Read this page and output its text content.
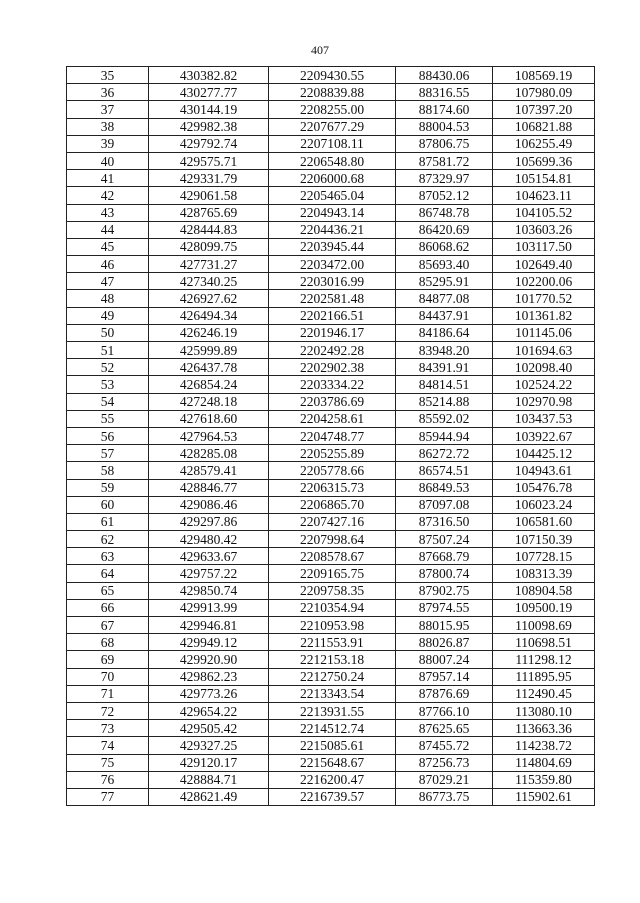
407
35	430382.82	2209430.55	88430.06	108569.19
36	430277.77	2208839.88	88316.55	107980.09
37	430144.19	2208255.00	88174.60	107397.20
38	429982.38	2207677.29	88004.53	106821.88
39	429792.74	2207108.11	87806.75	106255.49
40	429575.71	2206548.80	87581.72	105699.36
41	429331.79	2206000.68	87329.97	105154.81
42	429061.58	2205465.04	87052.12	104623.11
43	428765.69	2204943.14	86748.78	104105.52
44	428444.83	2204436.21	86420.69	103603.26
45	428099.75	2203945.44	86068.62	103117.50
46	427731.27	2203472.00	85693.40	102649.40
47	427340.25	2203016.99	85295.91	102200.06
48	426927.62	2202581.48	84877.08	101770.52
49	426494.34	2202166.51	84437.91	101361.82
50	426246.19	2201946.17	84186.64	101145.06
51	425999.89	2202492.28	83948.20	101694.63
52	426437.78	2202902.38	84391.91	102098.40
53	426854.24	2203334.22	84814.51	102524.22
54	427248.18	2203786.69	85214.88	102970.98
55	427618.60	2204258.61	85592.02	103437.53
56	427964.53	2204748.77	85944.94	103922.67
57	428285.08	2205255.89	86272.72	104425.12
58	428579.41	2205778.66	86574.51	104943.61
59	428846.77	2206315.73	86849.53	105476.78
60	429086.46	2206865.70	87097.08	106023.24
61	429297.86	2207427.16	87316.50	106581.60
62	429480.42	2207998.64	87507.24	107150.39
63	429633.67	2208578.67	87668.79	107728.15
64	429757.22	2209165.75	87800.74	108313.39
65	429850.74	2209758.35	87902.75	108904.58
66	429913.99	2210354.94	87974.55	109500.19
67	429946.81	2210953.98	88015.95	110098.69
68	429949.12	2211553.91	88026.87	110698.51
69	429920.90	2212153.18	88007.24	111298.12
70	429862.23	2212750.24	87957.14	111895.95
71	429773.26	2213343.54	87876.69	112490.45
72	429654.22	2213931.55	87766.10	113080.10
73	429505.42	2214512.74	87625.65	113663.36
74	429327.25	2215085.61	87455.72	114238.72
75	429120.17	2215648.67	87256.73	114804.69
76	428884.71	2216200.47	87029.21	115359.80
77	428621.49	2216739.57	86773.75	115902.61
